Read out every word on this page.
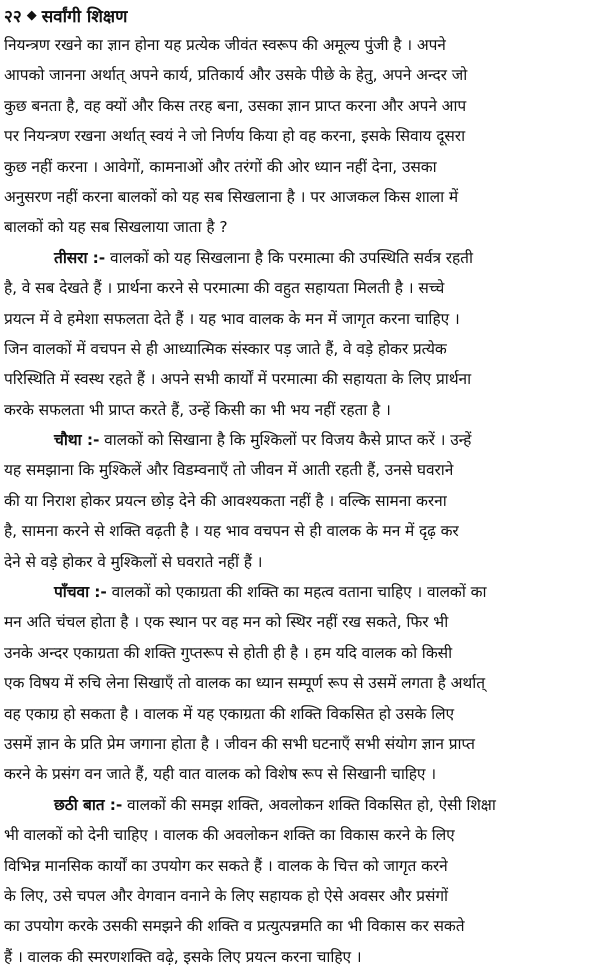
२२ ◆ सर्वांगी शिक्षण
नियन्त्रण रखने का ज्ञान होना यह प्रत्येक जीवंत स्वरूप की अमूल्य पुंजी है । अपने
आपको जानना अर्थात् अपने कार्य, प्रतिकार्य और उसके पीछे के हेतु, अपने अन्दर जो
कुछ बनता है, वह क्यों और किस तरह बना, उसका ज्ञान प्राप्त करना और अपने आप
पर नियन्त्रण रखना अर्थात् स्वयं ने जो निर्णय किया हो वह करना, इसके सिवाय दूसरा
कुछ नहीं करना । आवेगों, कामनाओं और तरंगों की ओर ध्यान नहीं देना, उसका
अनुसरण नहीं करना बालकों को यह सब सिखलाना है । पर आजकल किस शाला में
बालकों को यह सब सिखलाया जाता है ?
तीसरा :- वालकों को यह सिखलाना है कि परमात्मा की उपस्थिति सर्वत्र रहती
है, वे सब देखते हैं । प्रार्थना करने से परमात्मा की वहुत सहायता मिलती है । सच्चे
प्रयत्न में वे हमेशा सफलता देते हैं । यह भाव वालक के मन में जागृत करना चाहिए ।
जिन वालकों में वचपन से ही आध्यात्मिक संस्कार पड़ जाते हैं, वे वड़े होकर प्रत्येक
परिस्थिति में स्वस्थ रहते हैं । अपने सभी कार्यों में परमात्मा की सहायता के लिए प्रार्थना
करके सफलता भी प्राप्त करते हैं, उन्हें किसी का भी भय नहीं रहता है ।
चौथा :- वालकों को सिखाना है कि मुश्किलों पर विजय कैसे प्राप्त करें । उन्हें
यह समझाना कि मुश्किलें और विडम्वनाएँ तो जीवन में आती रहती हैं, उनसे घवराने
की या निराश होकर प्रयत्न छोड़ देने की आवश्यकता नहीं है । वल्कि सामना करना
है, सामना करने से शक्ति वढ़ती है । यह भाव वचपन से ही वालक के मन में दृढ़ कर
देने से वड़े होकर वे मुश्किलों से घवराते नहीं हैं ।
पाँचवा :- वालकों को एकाग्रता की शक्ति का महत्व वताना चाहिए । वालकों का
मन अति चंचल होता है । एक स्थान पर वह मन को स्थिर नहीं रख सकते, फिर भी
उनके अन्दर एकाग्रता की शक्ति गुप्तरूप से होती ही है । हम यदि वालक को किसी
एक विषय में रुचि लेना सिखाएँ तो वालक का ध्यान सम्पूर्ण रूप से उसमें लगता है अर्थात्
वह एकाग्र हो सकता है । वालक में यह एकाग्रता की शक्ति विकसित हो उसके लिए
उसमें ज्ञान के प्रति प्रेम जगाना होता है । जीवन की सभी घटनाएँ सभी संयोग ज्ञान प्राप्त
करने के प्रसंग वन जाते हैं, यही वात वालक को विशेष रूप से सिखानी चाहिए ।
छठी बात :- वालकों की समझ शक्ति, अवलोकन शक्ति विकसित हो, ऐसी शिक्षा
भी वालकों को देनी चाहिए । वालक की अवलोकन शक्ति का विकास करने के लिए
विभिन्न मानसिक कार्यों का उपयोग कर सकते हैं । वालक के चित्त को जागृत करने
के लिए, उसे चपल और वेगवान वनाने के लिए सहायक हो ऐसे अवसर और प्रसंगों
का उपयोग करके उसकी समझने की शक्ति व प्रत्युत्पन्नमति का भी विकास कर सकते
हैं । वालक की स्मरणशक्ति वढ़े, इसके लिए प्रयत्न करना चाहिए ।
